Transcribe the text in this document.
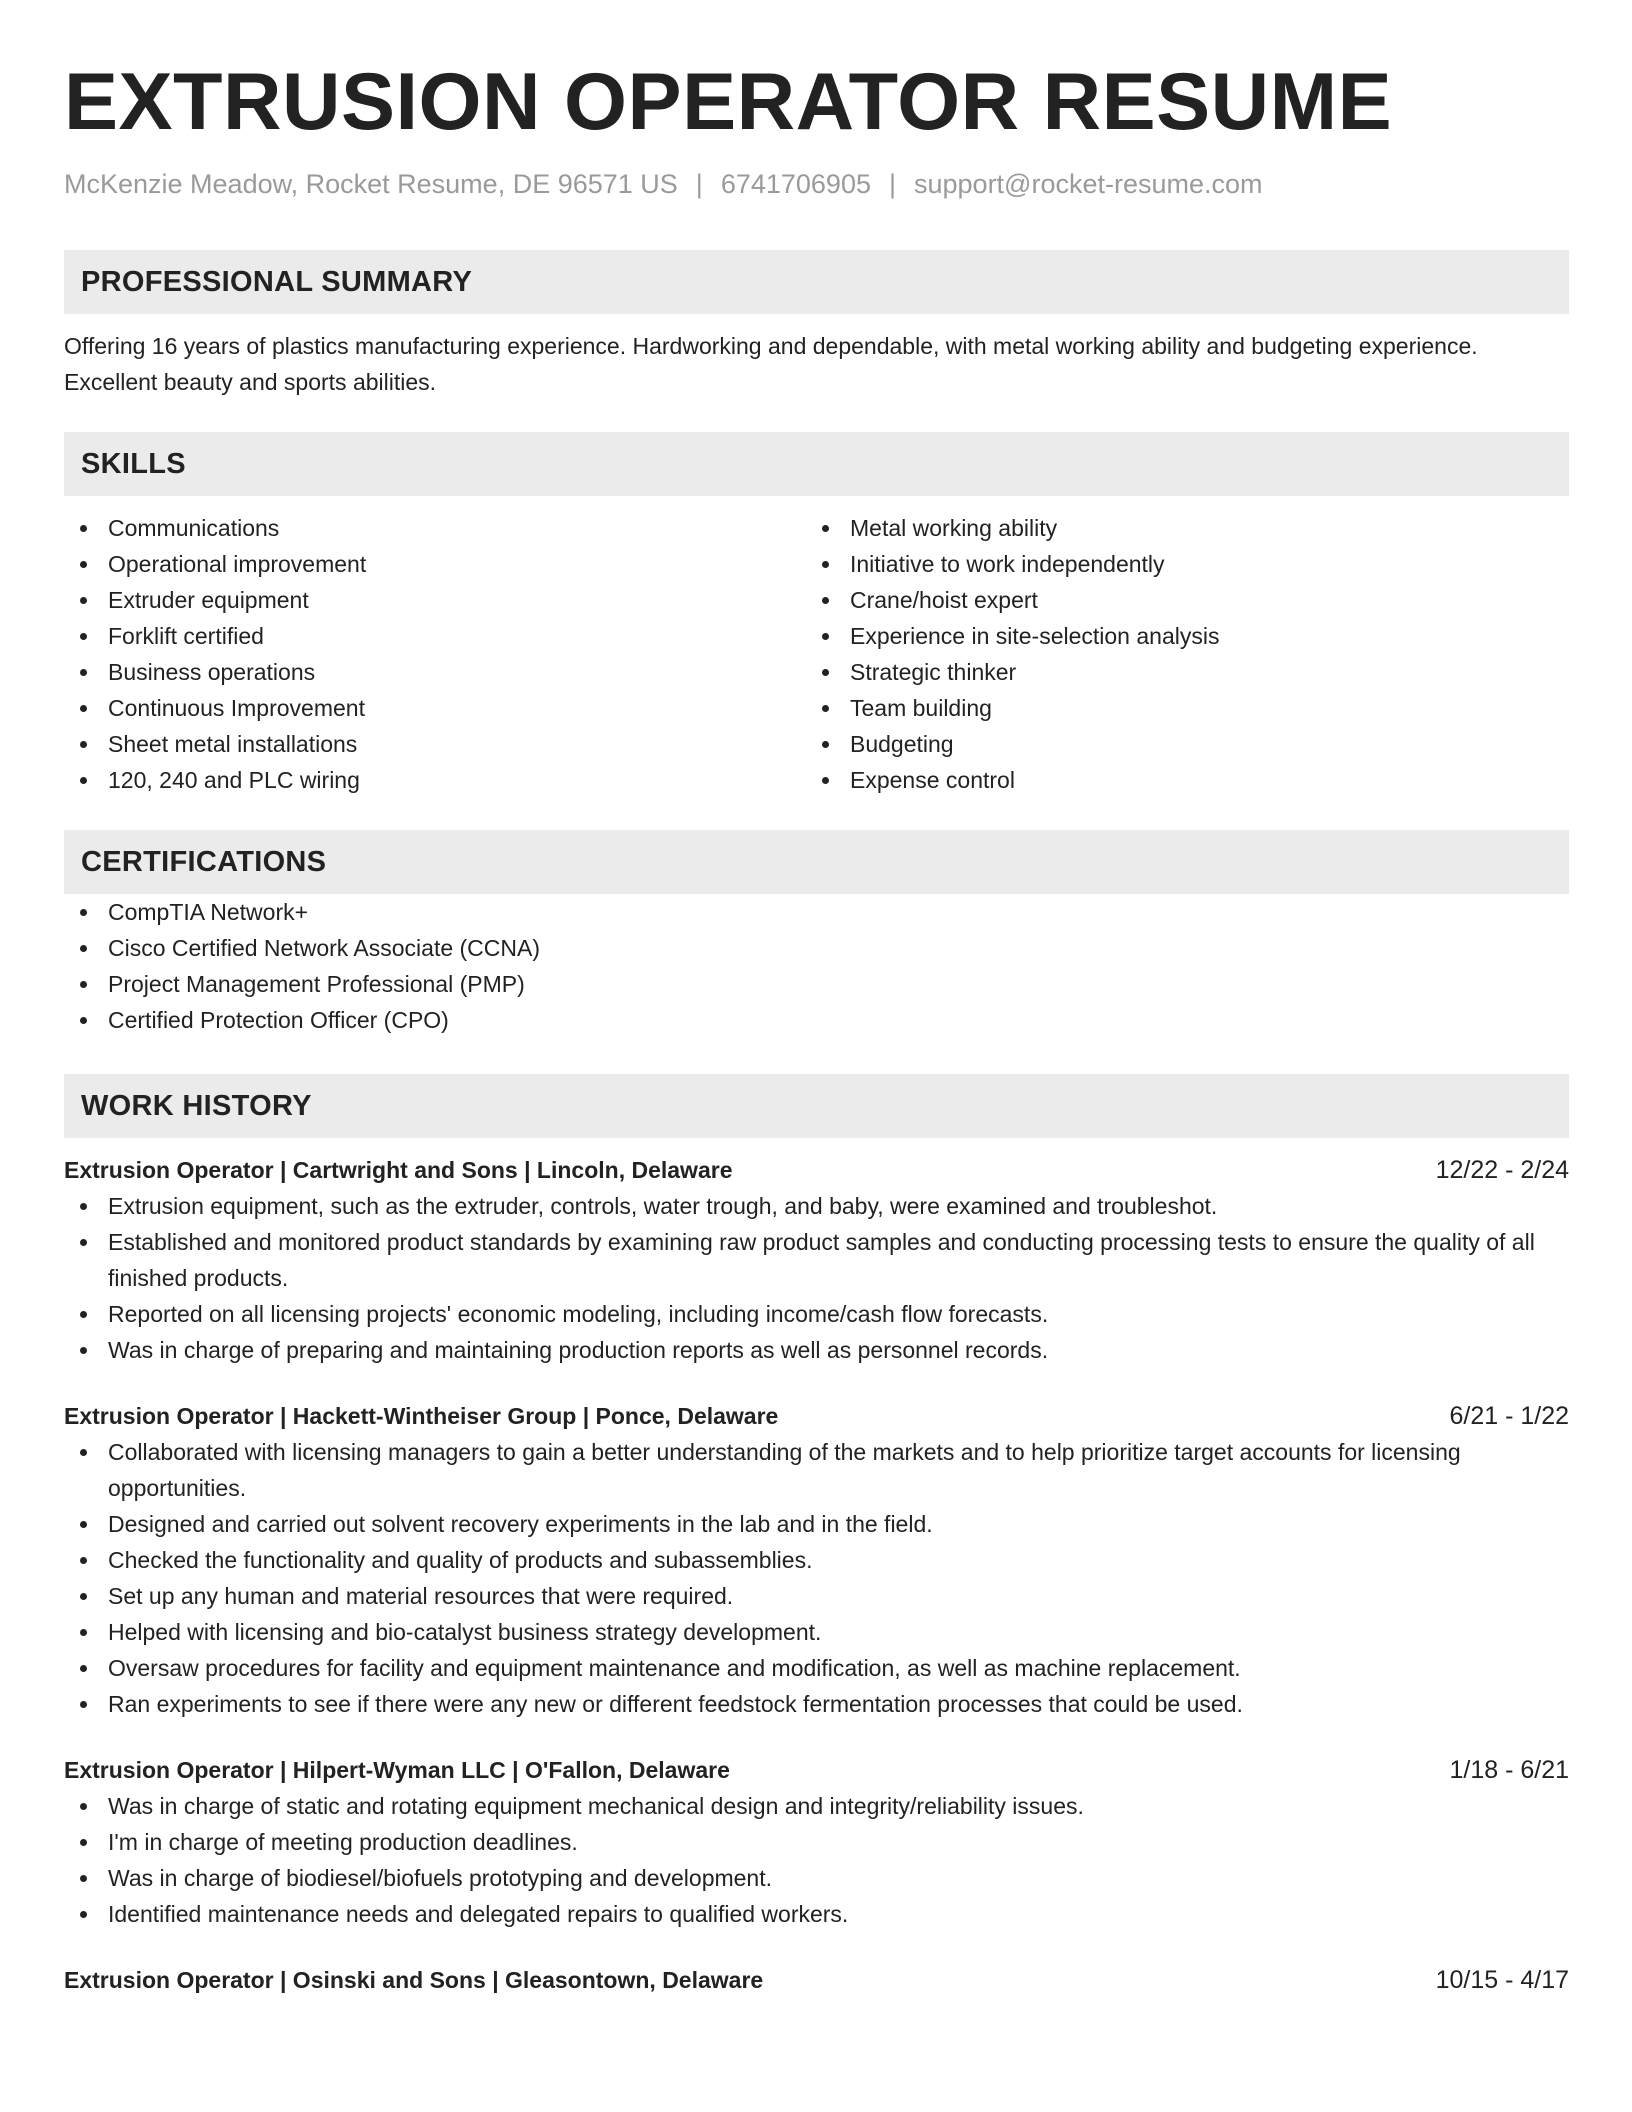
EXTRUSION OPERATOR RESUME
McKenzie Meadow, Rocket Resume, DE 96571 US | 6741706905 | support@rocket-resume.com
PROFESSIONAL SUMMARY
Offering 16 years of plastics manufacturing experience. Hardworking and dependable, with metal working ability and budgeting experience. Excellent beauty and sports abilities.
SKILLS
Communications
Operational improvement
Extruder equipment
Forklift certified
Business operations
Continuous Improvement
Sheet metal installations
120, 240 and PLC wiring
Metal working ability
Initiative to work independently
Crane/hoist expert
Experience in site-selection analysis
Strategic thinker
Team building
Budgeting
Expense control
CERTIFICATIONS
CompTIA Network+
Cisco Certified Network Associate (CCNA)
Project Management Professional (PMP)
Certified Protection Officer (CPO)
WORK HISTORY
Extrusion Operator | Cartwright and Sons | Lincoln, Delaware	12/22 - 2/24
Extrusion equipment, such as the extruder, controls, water trough, and baby, were examined and troubleshot.
Established and monitored product standards by examining raw product samples and conducting processing tests to ensure the quality of all finished products.
Reported on all licensing projects' economic modeling, including income/cash flow forecasts.
Was in charge of preparing and maintaining production reports as well as personnel records.
Extrusion Operator | Hackett-Wintheiser Group | Ponce, Delaware	6/21 - 1/22
Collaborated with licensing managers to gain a better understanding of the markets and to help prioritize target accounts for licensing opportunities.
Designed and carried out solvent recovery experiments in the lab and in the field.
Checked the functionality and quality of products and subassemblies.
Set up any human and material resources that were required.
Helped with licensing and bio-catalyst business strategy development.
Oversaw procedures for facility and equipment maintenance and modification, as well as machine replacement.
Ran experiments to see if there were any new or different feedstock fermentation processes that could be used.
Extrusion Operator | Hilpert-Wyman LLC | O'Fallon, Delaware	1/18 - 6/21
Was in charge of static and rotating equipment mechanical design and integrity/reliability issues.
I'm in charge of meeting production deadlines.
Was in charge of biodiesel/biofuels prototyping and development.
Identified maintenance needs and delegated repairs to qualified workers.
Extrusion Operator | Osinski and Sons | Gleasontown, Delaware	10/15 - 4/17
